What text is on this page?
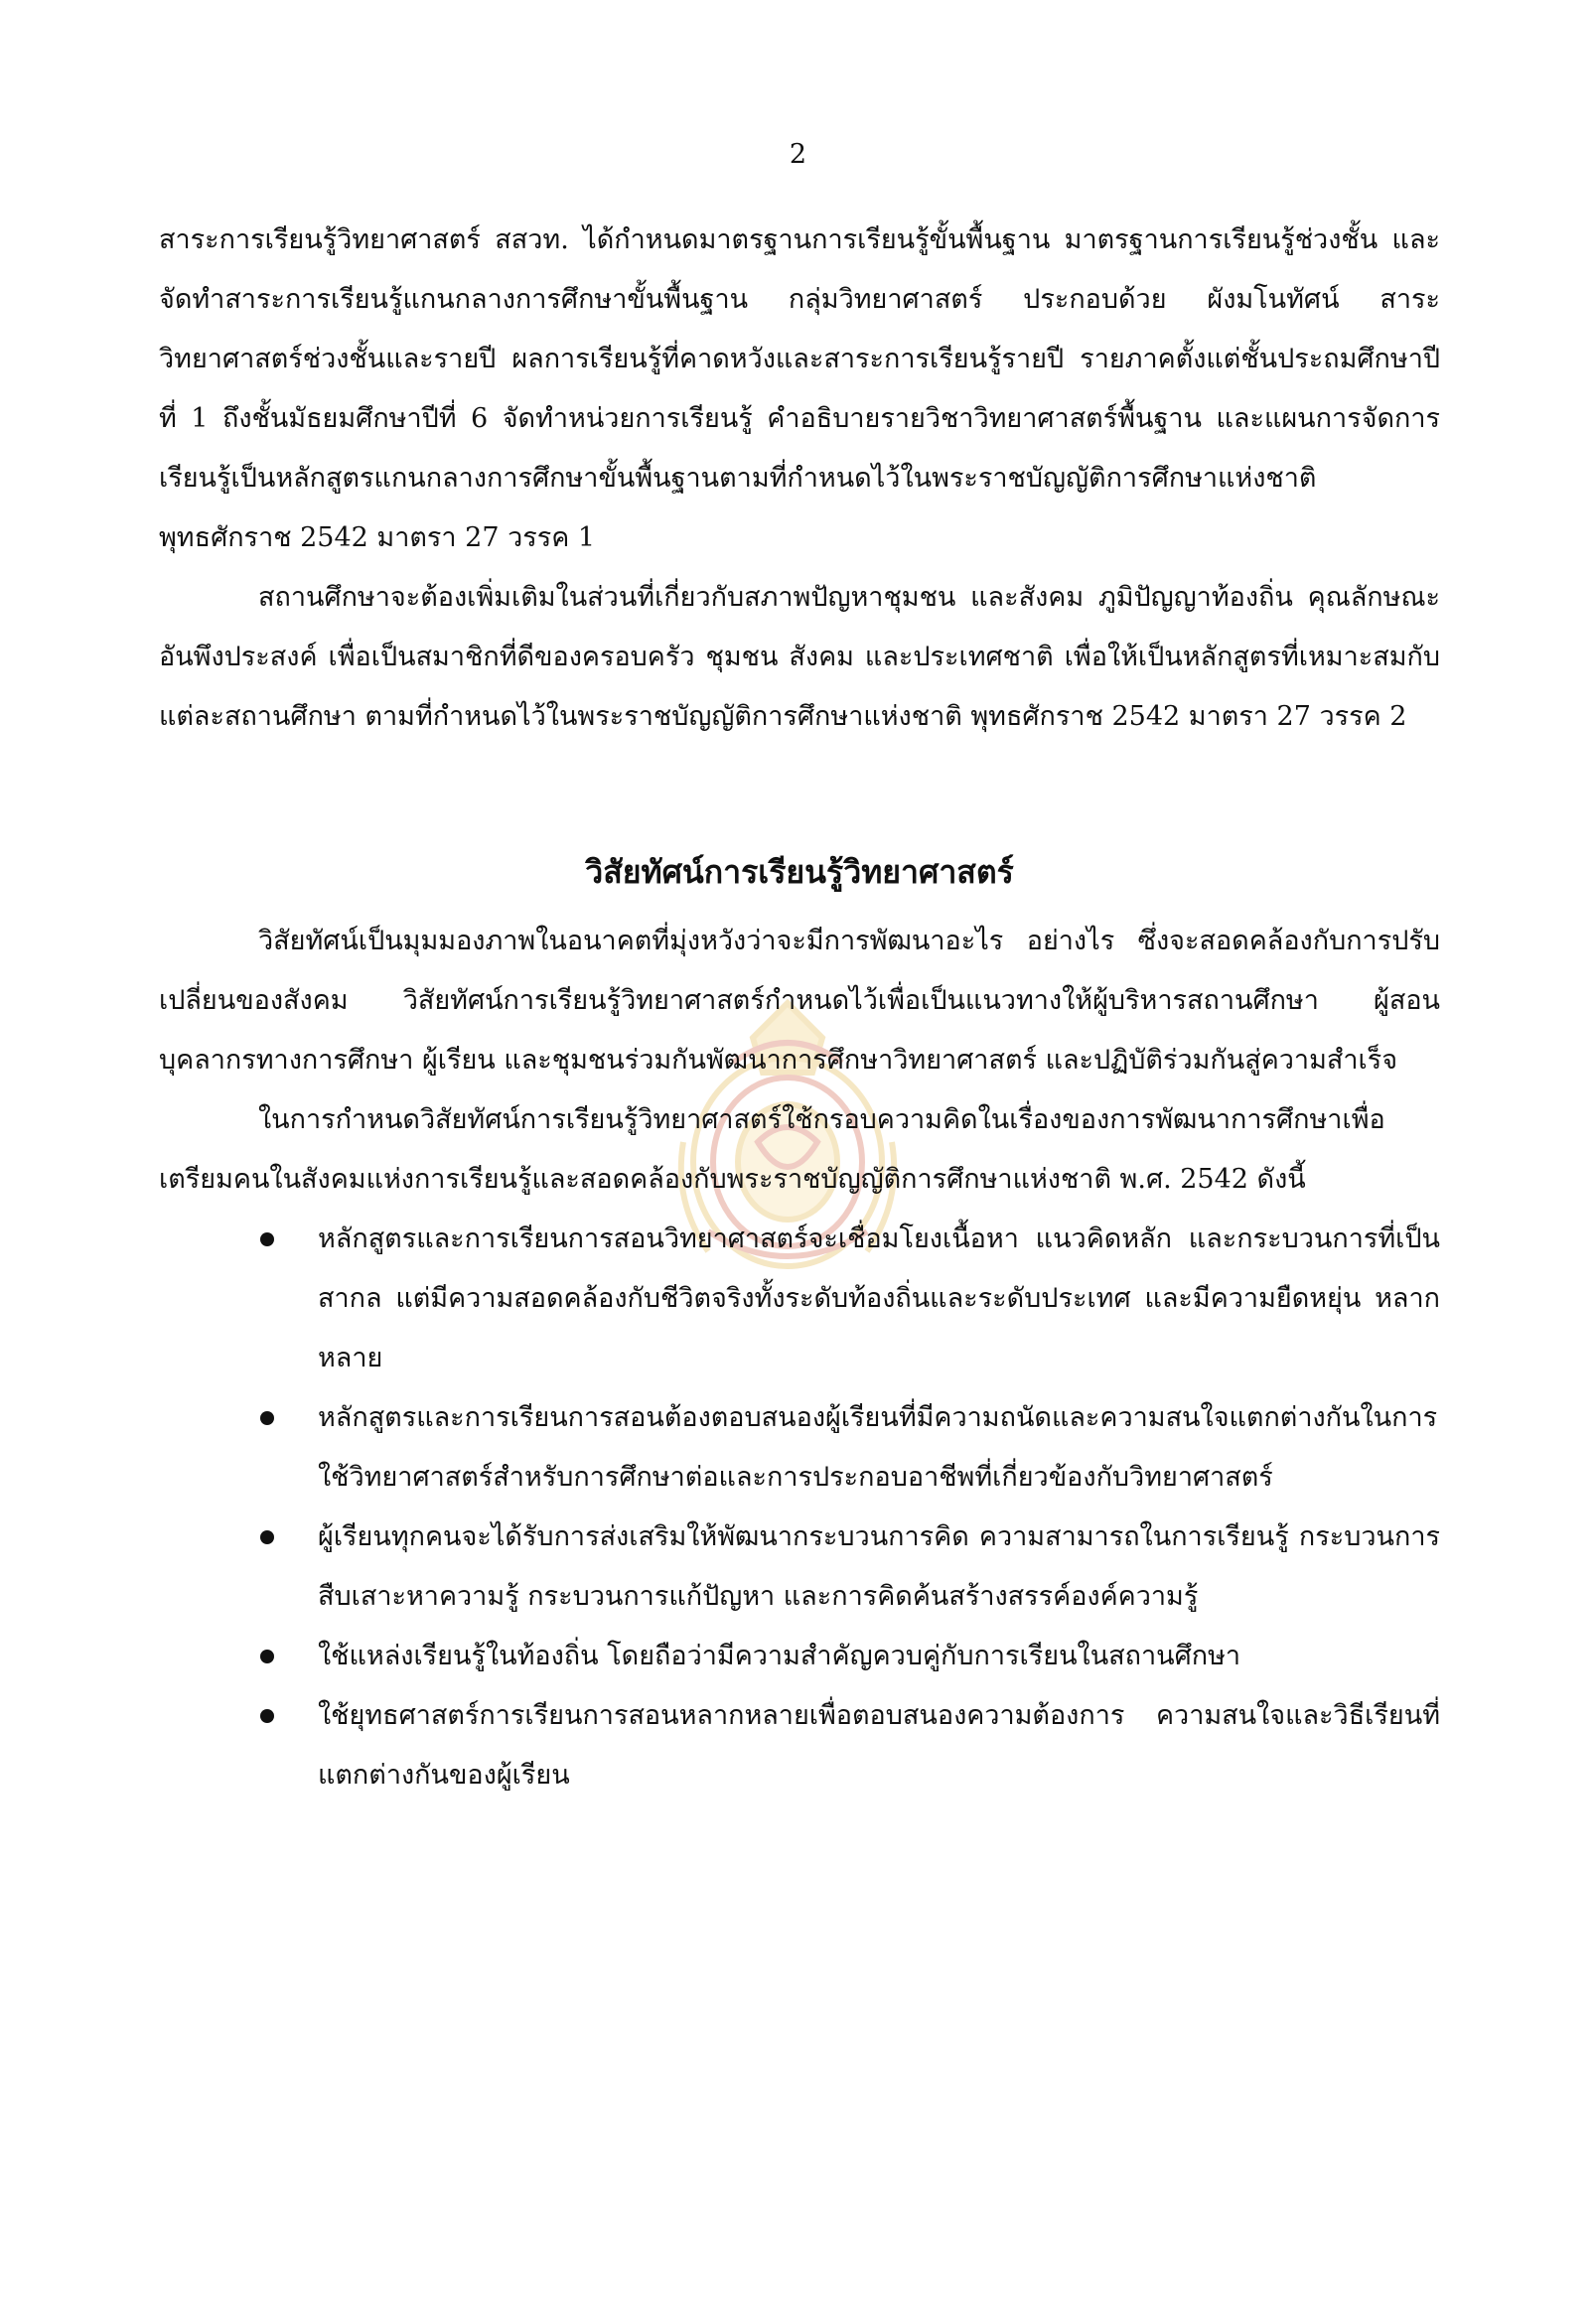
2

สาระการเรียนรู้วิทยาศาสตร์ สสวท. ได้กำหนดมาตรฐานการเรียนรู้ขั้นพื้นฐาน มาตรฐานการเรียนรู้ช่วงชั้น และจัดทำสาระการเรียนรู้แกนกลางการศึกษาขั้นพื้นฐาน กลุ่มวิทยาศาสตร์ ประกอบด้วย ผังมโนทัศน์ สาระวิทยาศาสตร์ช่วงชั้นและรายปี ผลการเรียนรู้ที่คาดหวังและสาระการเรียนรู้รายปี รายภาคตั้งแต่ชั้นประถมศึกษาปีที่ 1 ถึงชั้นมัธยมศึกษาปีที่ 6 จัดทำหน่วยการเรียนรู้ คำอธิบายรายวิชาวิทยาศาสตร์พื้นฐาน และแผนการจัดการเรียนรู้เป็นหลักสูตรแกนกลางการศึกษาขั้นพื้นฐานตามที่กำหนดไว้ในพระราชบัญญัติการศึกษาแห่งชาติ พุทธศักราช 2542 มาตรา 27 วรรค 1

สถานศึกษาจะต้องเพิ่มเติมในส่วนที่เกี่ยวกับสภาพปัญหาชุมชน และสังคม ภูมิปัญญาท้องถิ่น คุณลักษณะอันพึงประสงค์ เพื่อเป็นสมาชิกที่ดีของครอบครัว ชุมชน สังคม และประเทศชาติ เพื่อให้เป็นหลักสูตรที่เหมาะสมกับแต่ละสถานศึกษา ตามที่กำหนดไว้ในพระราชบัญญัติการศึกษาแห่งชาติ พุทธศักราช 2542 มาตรา 27 วรรค 2

วิสัยทัศน์การเรียนรู้วิทยาศาสตร์

วิสัยทัศน์เป็นมุมมองภาพในอนาคตที่มุ่งหวังว่าจะมีการพัฒนาอะไร อย่างไร ซึ่งจะสอดคล้องกับการปรับเปลี่ยนของสังคม วิสัยทัศน์การเรียนรู้วิทยาศาสตร์กำหนดไว้เพื่อเป็นแนวทางให้ผู้บริหารสถานศึกษา ผู้สอน บุคลากรทางการศึกษา ผู้เรียน และชุมชนร่วมกันพัฒนาการศึกษาวิทยาศาสตร์ และปฏิบัติร่วมกันสู่ความสำเร็จ

ในการกำหนดวิสัยทัศน์การเรียนรู้วิทยาศาสตร์ใช้กรอบความคิดในเรื่องของการพัฒนาการศึกษาเพื่อเตรียมคนในสังคมแห่งการเรียนรู้และสอดคล้องกับพระราชบัญญัติการศึกษาแห่งชาติ พ.ศ. 2542 ดังนี้

หลักสูตรและการเรียนการสอนวิทยาศาสตร์จะเชื่อมโยงเนื้อหา แนวคิดหลัก และกระบวนการที่เป็นสากล แต่มีความสอดคล้องกับชีวิตจริงทั้งระดับท้องถิ่นและระดับประเทศ และมีความยืดหยุ่น หลากหลาย
หลักสูตรและการเรียนการสอนต้องตอบสนองผู้เรียนที่มีความถนัดและความสนใจแตกต่างกันในการใช้วิทยาศาสตร์สำหรับการศึกษาต่อและการประกอบอาชีพที่เกี่ยวข้องกับวิทยาศาสตร์
ผู้เรียนทุกคนจะได้รับการส่งเสริมให้พัฒนากระบวนการคิด ความสามารถในการเรียนรู้ กระบวนการสืบเสาะหาความรู้ กระบวนการแก้ปัญหา และการคิดค้นสร้างสรรค์องค์ความรู้
ใช้แหล่งเรียนรู้ในท้องถิ่น โดยถือว่ามีความสำคัญควบคู่กับการเรียนในสถานศึกษา
ใช้ยุทธศาสตร์การเรียนการสอนหลากหลายเพื่อตอบสนองความต้องการ ความสนใจและวิธีเรียนที่แตกต่างกันของผู้เรียน
